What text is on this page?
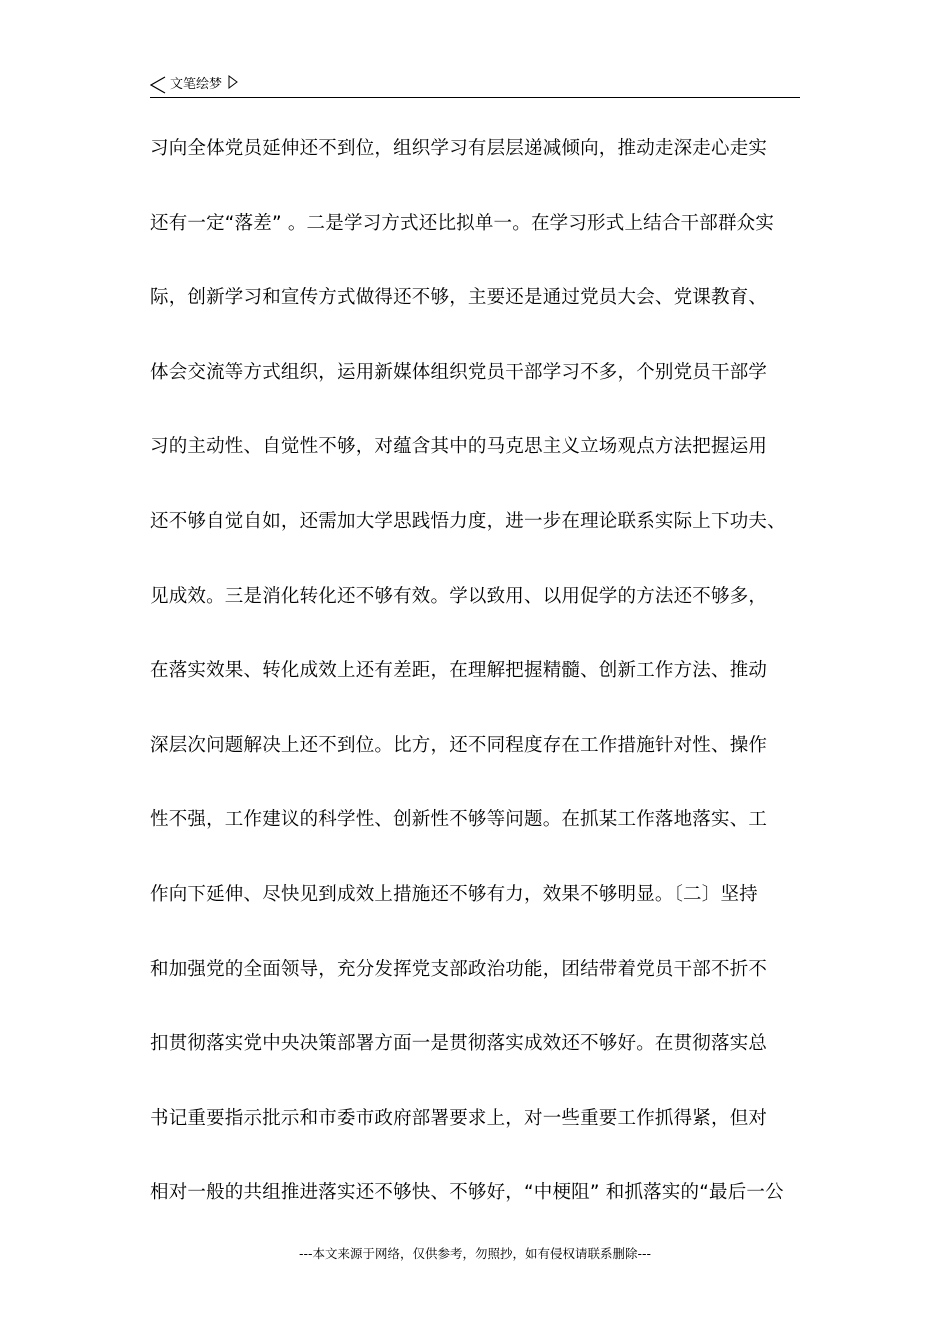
文笔绘梦
习向全体党员延伸还不到位，组织学习有层层递减倾向，推动走深走心走实
还有一定“落差” 。二是学习方式还比拟单一。在学习形式上结合干部群众实
际，创新学习和宣传方式做得还不够，主要还是通过党员大会、党课教育、
体会交流等方式组织，运用新媒体组织党员干部学习不多，个别党员干部学
习的主动性、自觉性不够，对蕴含其中的马克思主义立场观点方法把握运用
还不够自觉自如，还需加大学思践悟力度，进一步在理论联系实际上下功夫、
见成效。三是消化转化还不够有效。学以致用、以用促学的方法还不够多，
在落实效果、转化成效上还有差距，在理解把握精髓、创新工作方法、推动
深层次问题解决上还不到位。比方，还不同程度存在工作措施针对性、操作
性不强，工作建议的科学性、创新性不够等问题。在抓某工作落地落实、工
作向下延伸、尽快见到成效上措施还不够有力，效果不够明显。〔二〕坚持
和加强党的全面领导，充分发挥党支部政治功能，团结带着党员干部不折不
扣贯彻落实党中央决策部署方面一是贯彻落实成效还不够好。在贯彻落实总
书记重要指示批示和市委市政府部署要求上，对一些重要工作抓得紧，但对
相对一般的共组推进落实还不够快、不够好，“中梗阻” 和抓落实的“最后一公
---本文来源于网络，仅供参考，勿照抄，如有侵权请联系删除---
